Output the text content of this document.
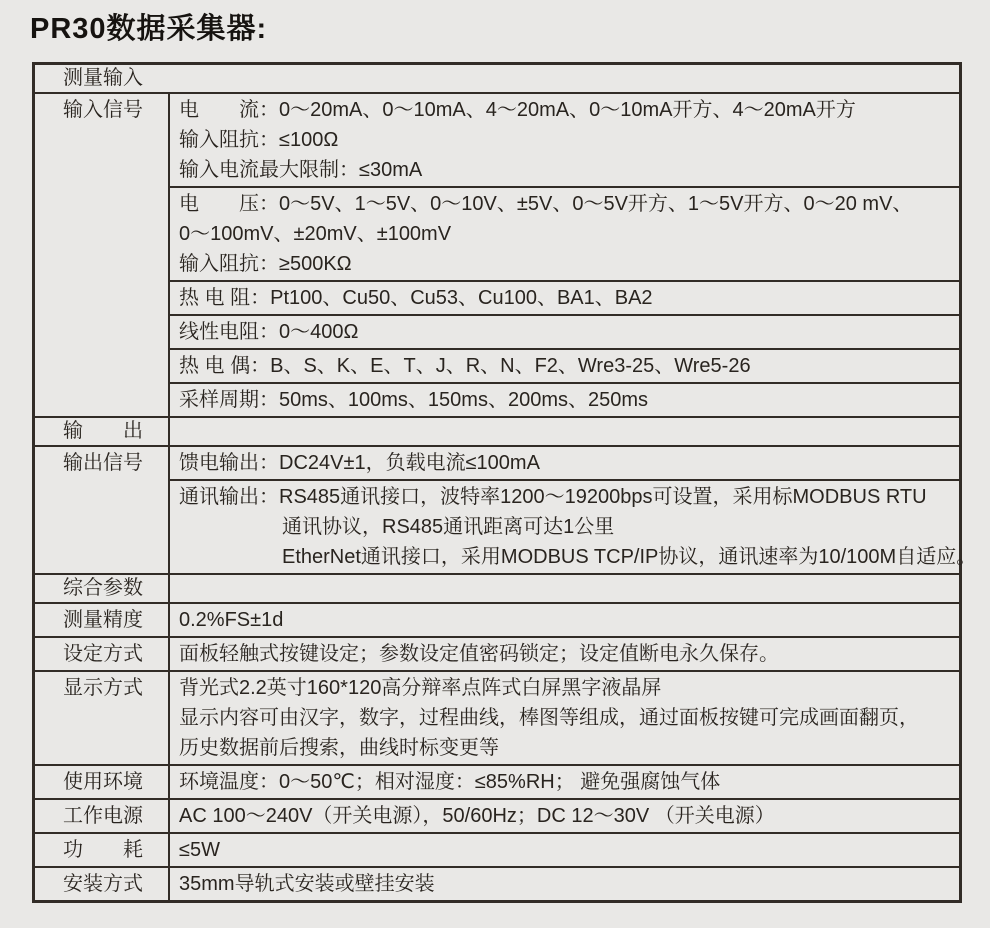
PR30数据采集器:
测量输入
输入信号	电　　流：0～20mA、0～10mA、4～20mA、0～10mA开方、4～20mA开方
输入阻抗：≤100Ω
输入电流最大限制：≤30mA
电　　压：0～5V、1～5V、0～10V、±5V、0～5V开方、1～5V开方、0～20 mV、
0～100mV、±20mV、±100mV
输入阻抗：≥500KΩ
热 电 阻：Pt100、Cu50、Cu53、Cu100、BA1、BA2
线性电阻：0～400Ω
热 电 偶：B、S、K、E、T、J、R、N、F2、Wre3-25、Wre5-26
采样周期：50ms、100ms、150ms、200ms、250ms
输　　出

输出信号	馈电输出：DC24V±1，负载电流≤100mA
通讯输出：RS485通讯接口，波特率1200～19200bps可设置，采用标MODBUS RTU
通讯协议，RS485通讯距离可达1公里
EtherNet通讯接口，采用MODBUS TCP/IP协议，通讯速率为10/100M自适应。
综合参数

测量精度	0.2%FS±1d
设定方式	面板轻触式按键设定；参数设定值密码锁定；设定值断电永久保存。
显示方式	背光式2.2英寸160*120高分辩率点阵式白屏黑字液晶屏
显示内容可由汉字，数字，过程曲线，棒图等组成，通过面板按键可完成画面翻页，
历史数据前后搜索，曲线时标变更等
使用环境	环境温度：0～50℃；相对湿度：≤85%RH； 避免强腐蚀气体
工作电源	AC 100～240V（开关电源），50/60Hz；DC 12～30V （开关电源）
功　　耗	≤5W
安装方式	35mm导轨式安装或壁挂安装
